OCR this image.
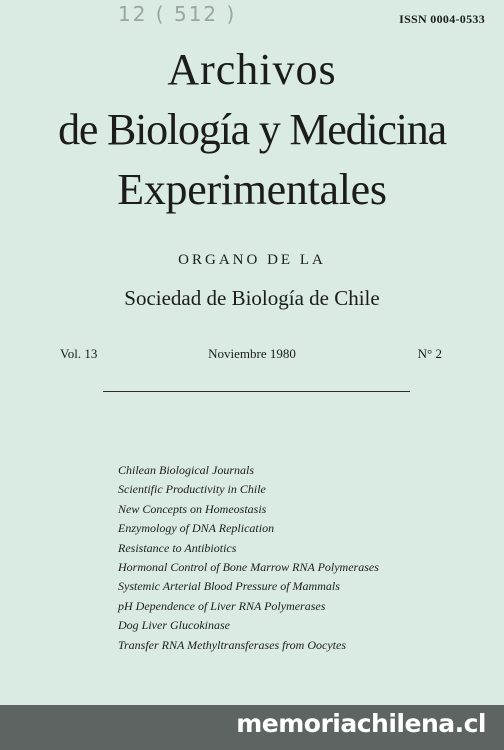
12 ( 512 )	ISSN 0004-0533
Archivos
de Biología y Medicina
Experimentales
ORGANO DE LA
Sociedad de Biología de Chile
Vol. 13	Noviembre 1980	N° 2
Chilean Biological Journals
Scientific Productivity in Chile
New Concepts on Homeostasis
Enzymology of DNA Replication
Resistance to Antibiotics
Hormonal Control of Bone Marrow RNA Polymerases
Systemic Arterial Blood Pressure of Mammals
pH Dependence of Liver RNA Polymerases
Dog Liver Glucokinase
Transfer RNA Methyltransferases from Oocytes
memoriachilena.cl
